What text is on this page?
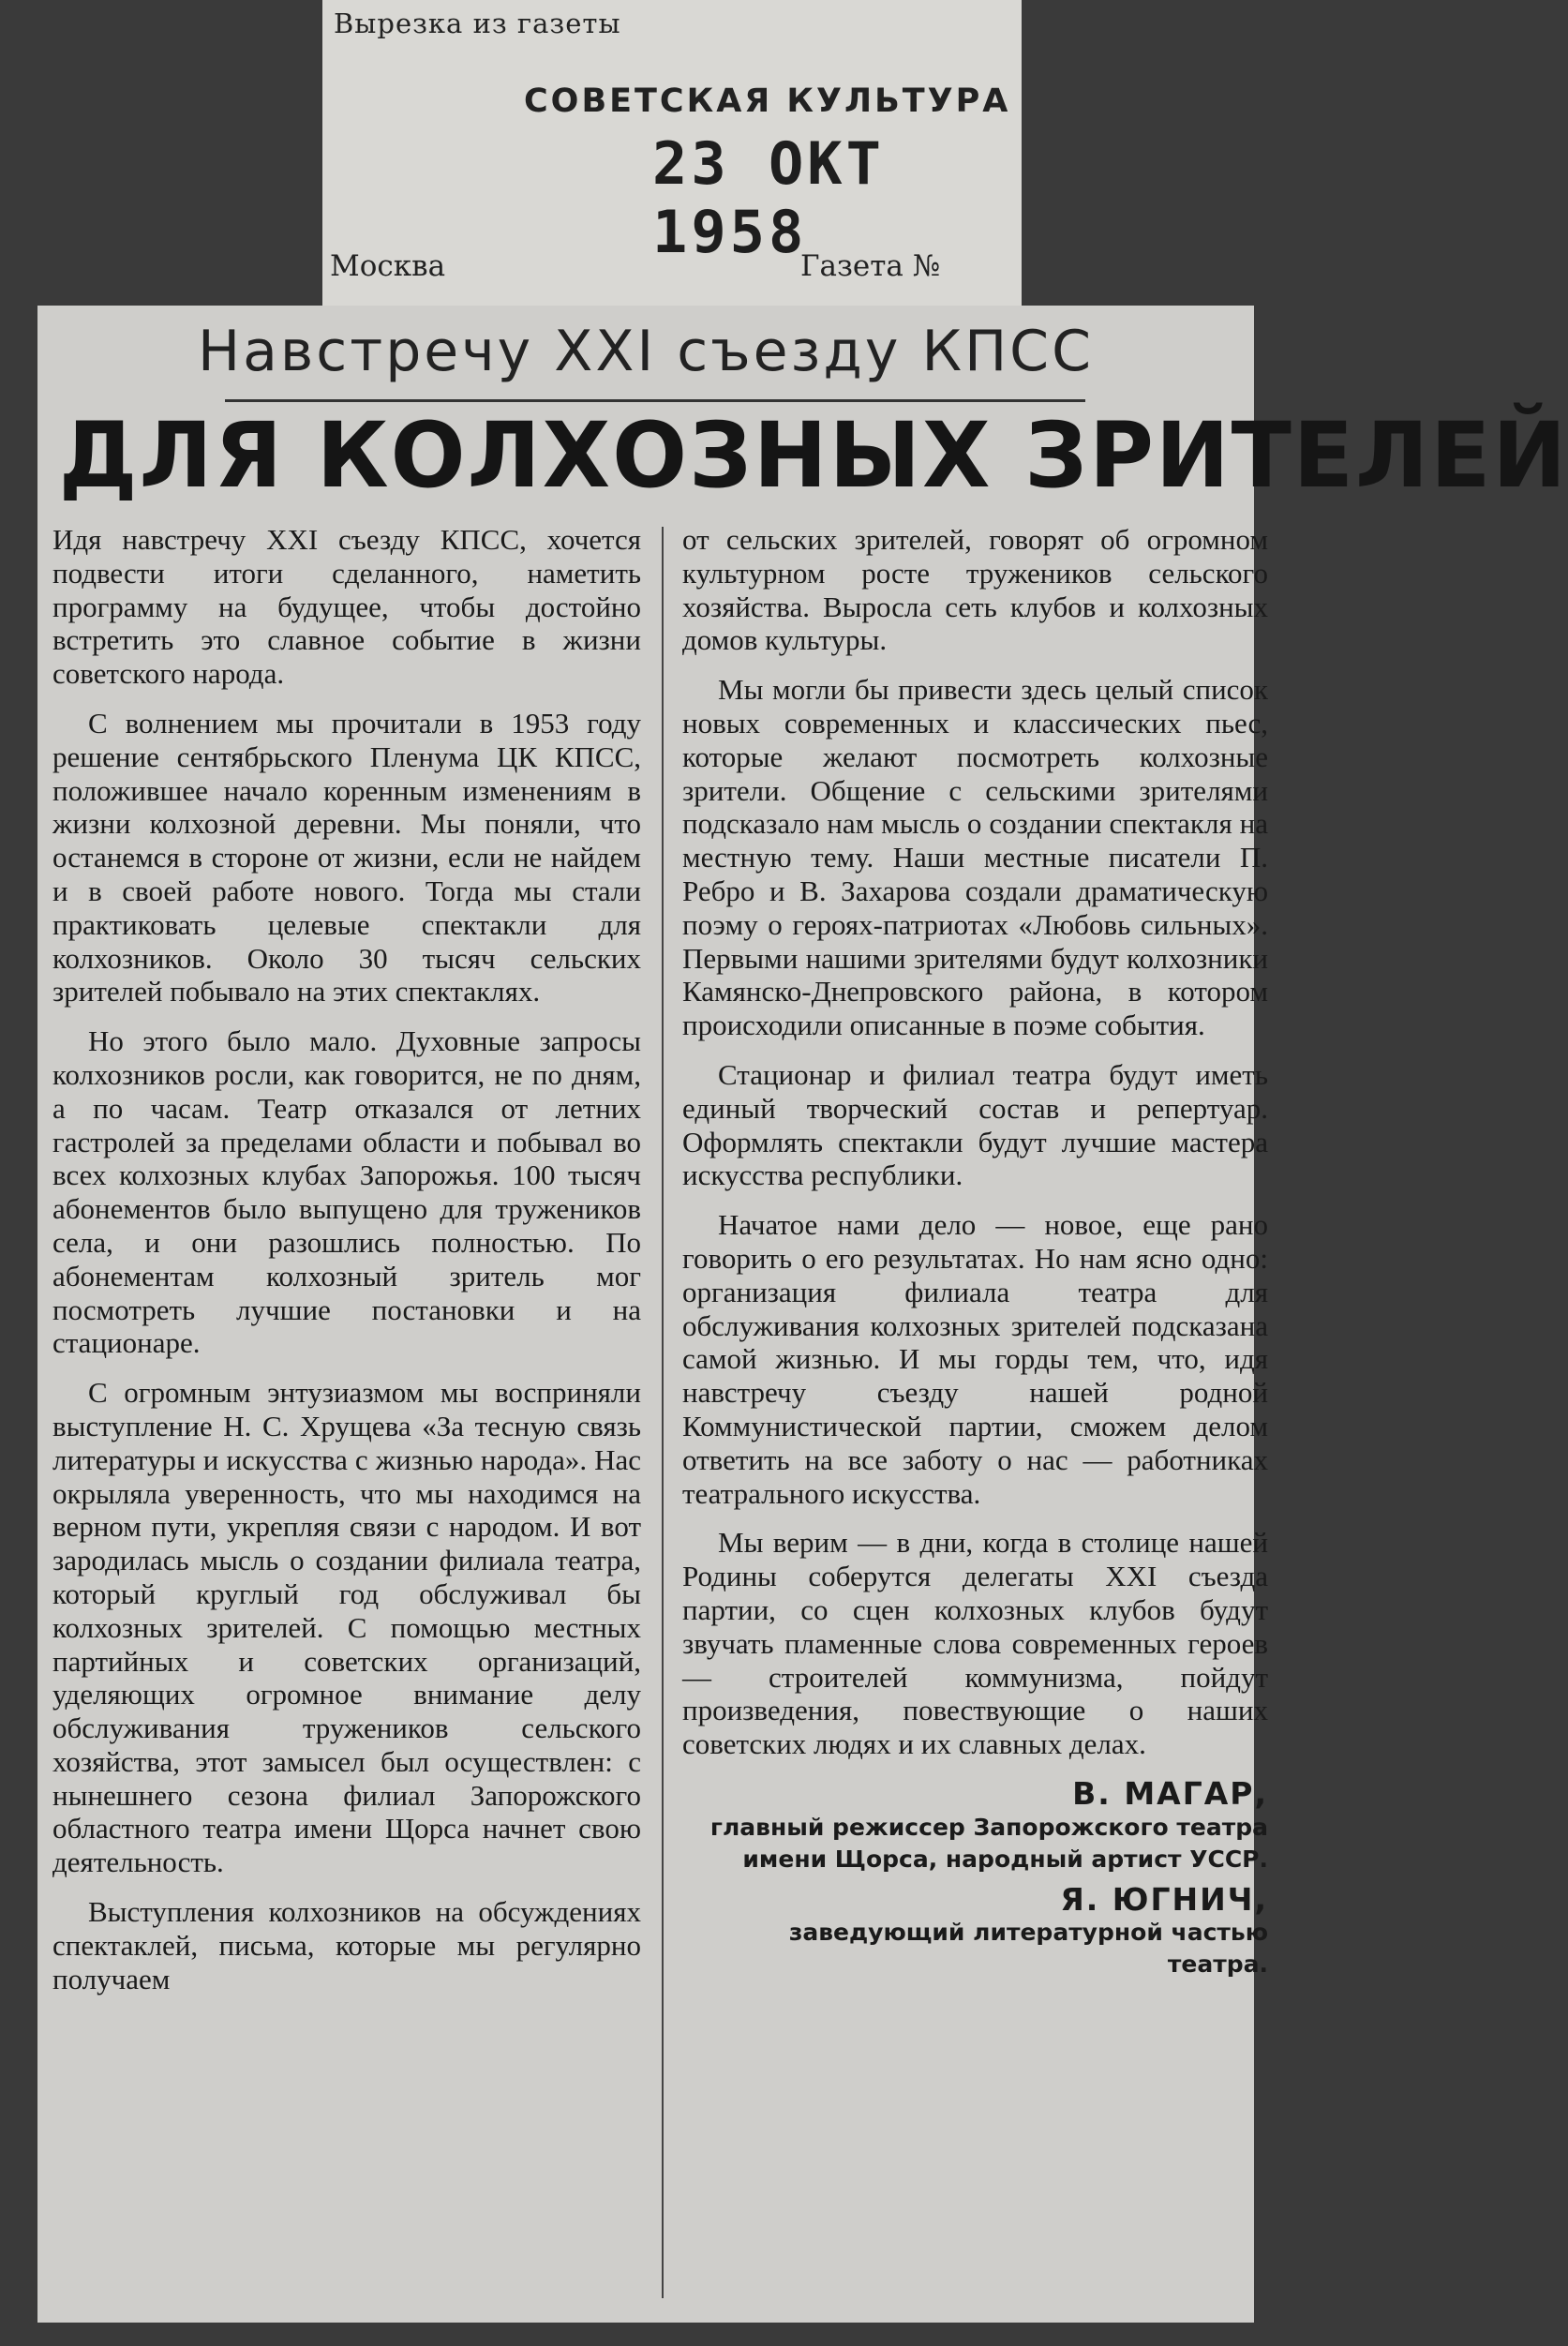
Вырезка из газеты
СОВЕТСКАЯ КУЛЬТУРА
23 ОКТ 1958
Москва	Газета №
Навстречу XXI съезду КПСС
ДЛЯ КОЛХОЗНЫХ ЗРИТЕЛЕЙ

Идя навстречу XXI съезду КПСС, хочется подвести итоги сделанного, наметить программу на будущее, чтобы достойно встретить это славное событие в жизни советского народа.

С волнением мы прочитали в 1953 году решение сентябрьского Пленума ЦК КПСС, положившее начало коренным изменениям в жизни колхозной деревни. Мы поняли, что останемся в стороне от жизни, если не найдем и в своей работе нового. Тогда мы стали практиковать целевые спектакли для колхозников. Около 30 тысяч сельских зрителей побывало на этих спектаклях.

Но этого было мало. Духовные запросы колхозников росли, как говорится, не по дням, а по часам. Театр отказался от летних гастролей за пределами области и побывал во всех колхозных клубах Запорожья. 100 тысяч абонементов было выпущено для тружеников села, и они разошлись полностью. По абонементам колхозный зритель мог посмотреть лучшие постановки и на стационаре.

С огромным энтузиазмом мы восприняли выступление Н. С. Хрущева «За тесную связь литературы и искусства с жизнью народа». Нас окрыляла уверенность, что мы находимся на верном пути, укрепляя связи с народом. И вот зародилась мысль о создании филиала театра, который круглый год обслуживал бы колхозных зрителей. С помощью местных партийных и советских организаций, уделяющих огромное внимание делу обслуживания тружеников сельского хозяйства, этот замысел был осуществлен: с нынешнего сезона филиал Запорожского областного театра имени Щорса начнет свою деятельность.

Выступления колхозников на обсуждениях спектаклей, письма, которые мы регулярно получаем

от сельских зрителей, говорят об огромном культурном росте тружеников сельского хозяйства. Выросла сеть клубов и колхозных домов культуры.

Мы могли бы привести здесь целый список новых современных и классических пьес, которые желают посмотреть колхозные зрители. Общение с сельскими зрителями подсказало нам мысль о создании спектакля на местную тему. Наши местные писатели П. Ребро и В. Захарова создали драматическую поэму о героях-патриотах «Любовь сильных». Первыми нашими зрителями будут колхозники Камянско-Днепровского района, в котором происходили описанные в поэме события.

Стационар и филиал театра будут иметь единый творческий состав и репертуар. Оформлять спектакли будут лучшие мастера искусства республики.

Начатое нами дело — новое, еще рано говорить о его результатах. Но нам ясно одно: организация филиала театра для обслуживания колхозных зрителей подсказана самой жизнью. И мы горды тем, что, идя навстречу съезду нашей родной Коммунистической партии, сможем делом ответить на все заботу о нас — работниках театрального искусства.

Мы верим — в дни, когда в столице нашей Родины соберутся делегаты XXI съезда партии, со сцен колхозных клубов будут звучать пламенные слова современных героев — строителей коммунизма, пойдут произведения, повествующие о наших советских людях и их славных делах.

В. МАГАР,
главный режиссер Запорожского театра имени Щорса, народный артист УССР.
Я. ЮГНИЧ,
заведующий литературной частью театра.
